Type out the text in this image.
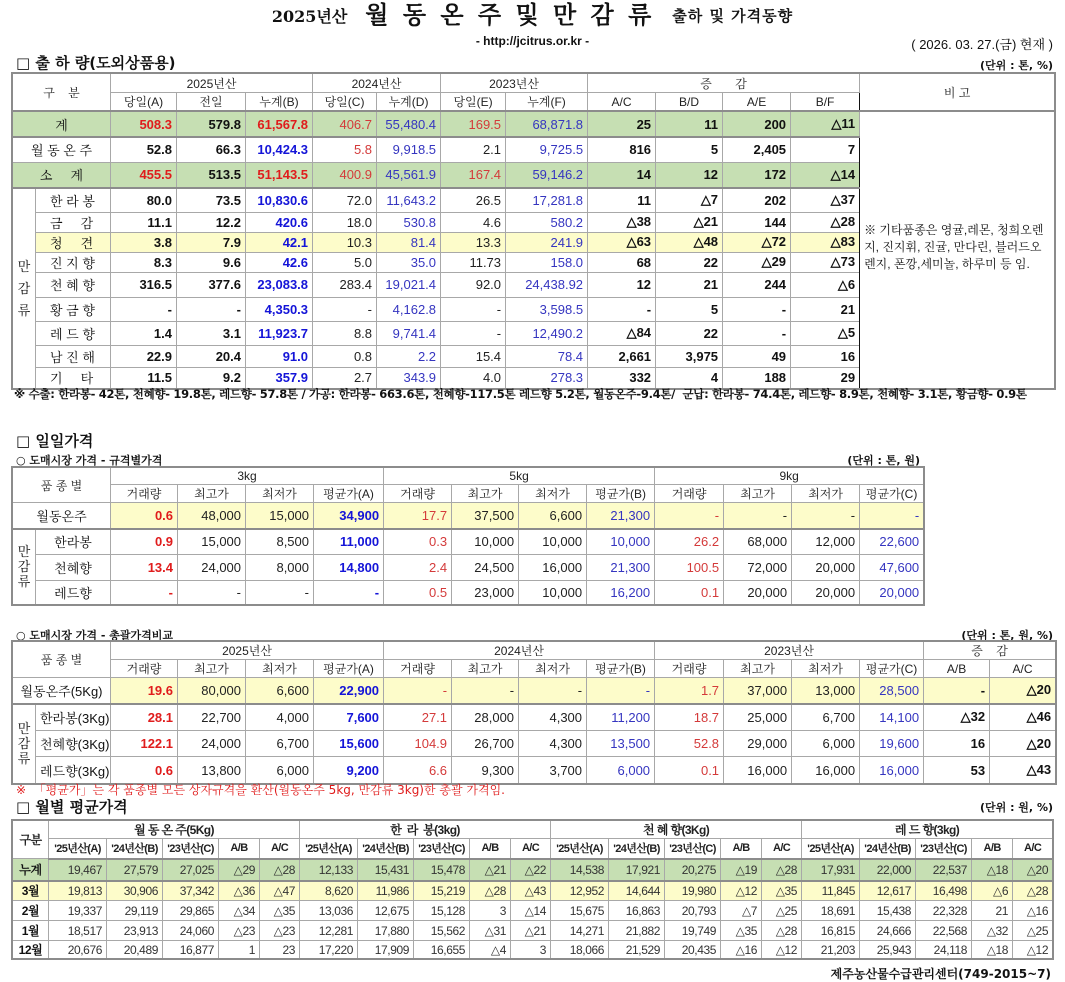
2025년산 월 동 온 주 및 만 감 류 출하 및 가격동향
- http://jcitrus.or.kr -	( 2026. 03. 27.(금) 현재 )
□ 출 하 량(도외상품용)	(단위 : 톤, %)
구    분		2025년산			2024년산		2023년산		증       감				비 고
		당일(A)	전일	누계(B)	당일(C)	누계(D)	당일(E)	누계(F)	A/C	B/D	A/E	B/F	
계		508.3	579.8	61,567.8	406.7	55,480.4	169.5	68,871.8	25	11	200	△11	※ 기타품종은 영귤,레몬, 청희오렌지, 진지휘, 진귤, 만다린, 블러드오렌지, 폰깡,세미놀, 하루미 등 임.
월 동 온 주		52.8	66.3	10,424.3	5.8	9,918.5	2.1	9,725.5	816	5	2,405	7	
소     계		455.5	513.5	51,143.5	400.9	45,561.9	167.4	59,146.2	14	12	172	△14	
만

감

류	한 라 봉	80.0	73.5	10,830.6	72.0	11,643.2	26.5	17,281.8	11	△7	202	△37	
	금     감	11.1	12.2	420.6	18.0	530.8	4.6	580.2	△38	△21	144	△28	
	청     견	3.8	7.9	42.1	10.3	81.4	13.3	241.9	△63	△48	△72	△83	
	진 지 향	8.3	9.6	42.6	5.0	35.0	11.73	158.0	68	22	△29	△73	
	천 혜 향	316.5	377.6	23,083.8	283.4	19,021.4	92.0	24,438.92	12	21	244	△6	
	황 금 향	-	-	4,350.3	-	4,162.8	-	3,598.5	-	5	-	21	
	레 드 향	1.4	3.1	11,923.7	8.8	9,741.4	-	12,490.2	△84	22	-	△5	
	남 진 해	22.9	20.4	91.0	0.8	2.2	15.4	78.4	2,661	3,975	49	16	
	기     타	11.5	9.2	357.9	2.7	343.9	4.0	278.3	332	4	188	29	
※ 수출: 한라봉- 42톤, 천혜향- 19.8톤, 레드향- 57.8톤 / 가공: 한라봉- 663.6톤, 천혜향-117.5톤 레드향 5.2톤, 월동온주-9.4톤/  군납: 한라봉- 74.4톤, 레드향- 8.9톤, 천혜향- 3.1톤, 황금향- 0.9톤
□ 일일가격
○ 도매시장 가격 - 규격별가격	(단위 : 톤, 원)
품 종 별		3kg				5kg				9kg			
		거래량	최고가	최저가	평균가(A)	거래량	최고가	최저가	평균가(B)	거래량	최고가	최저가	평균가(C)
월동온주		0.6	48,000	15,000	34,900	17.7	37,500	6,600	21,300	-	-	-	-
만
감
류	한라봉	0.9	15,000	8,500	11,000	0.3	10,000	10,000	10,000	26.2	68,000	12,000	22,600
	천혜향	13.4	24,000	8,000	14,800	2.4	24,500	16,000	21,300	100.5	72,000	20,000	47,600
	레드향	-	-	-	-	0.5	23,000	10,000	16,200	0.1	20,000	20,000	20,000
○ 도매시장 가격 - 총괄가격비교	(단위 : 톤, 원, %)
품 종 별		2025년산				2024년산				2023년산				증    감	
		거래량	최고가	최저가	평균가(A)	거래량	최고가	최저가	평균가(B)	거래량	최고가	최저가	평균가(C)	A/B	A/C
월동온주(5Kg)		19.6	80,000	6,600	22,900	-	-	-	-	1.7	37,000	13,000	28,500	-	△20
만
감
류	한라봉(3Kg)	28.1	22,700	4,000	7,600	27.1	28,000	4,300	11,200	18.7	25,000	6,700	14,100	△32	△46
	천혜향(3Kg)	122.1	24,000	6,700	15,600	104.9	26,700	4,300	13,500	52.8	29,000	6,000	19,600	16	△20
	레드향(3Kg)	0.6	13,800	6,000	9,200	6.6	9,300	3,700	6,000	0.1	16,000	16,000	16,000	53	△43
※  「평균가」는 각 품종별 모든 상자규격을 환산(월동온주 5kg, 만감류 3kg)한 총괄 가격임.
□ 월별 평균가격	(단위 : 원, %)
구분	월 동 온 주(5Kg)					한  라  봉(3kg)					천 혜 향(3Kg)					레 드 향(3kg)				
	'25년산(A)	'24년산(B)	'23년산(C)	A/B	A/C	'25년산(A)	'24년산(B)	'23년산(C)	A/B	A/C	'25년산(A)	'24년산(B)	'23년산(C)	A/B	A/C	'25년산(A)	'24년산(B)	'23년산(C)	A/B	A/C
누계	19,467	27,579	27,025	△29	△28	12,133	15,431	15,478	△21	△22	14,538	17,921	20,275	△19	△28	17,931	22,000	22,537	△18	△20
3월	19,813	30,906	37,342	△36	△47	8,620	11,986	15,219	△28	△43	12,952	14,644	19,980	△12	△35	11,845	12,617	16,498	△6	△28
2월	19,337	29,119	29,865	△34	△35	13,036	12,675	15,128	3	△14	15,675	16,863	20,793	△7	△25	18,691	15,438	22,328	21	△16
1월	18,517	23,913	24,060	△23	△23	12,281	17,880	15,562	△31	△21	14,271	21,882	19,749	△35	△28	16,815	24,666	22,568	△32	△25
12월	20,676	20,489	16,877	1	23	17,220	17,909	16,655	△4	3	18,066	21,529	20,435	△16	△12	21,203	25,943	24,118	△18	△12
제주농산물수급관리센터(749-2015~7)
